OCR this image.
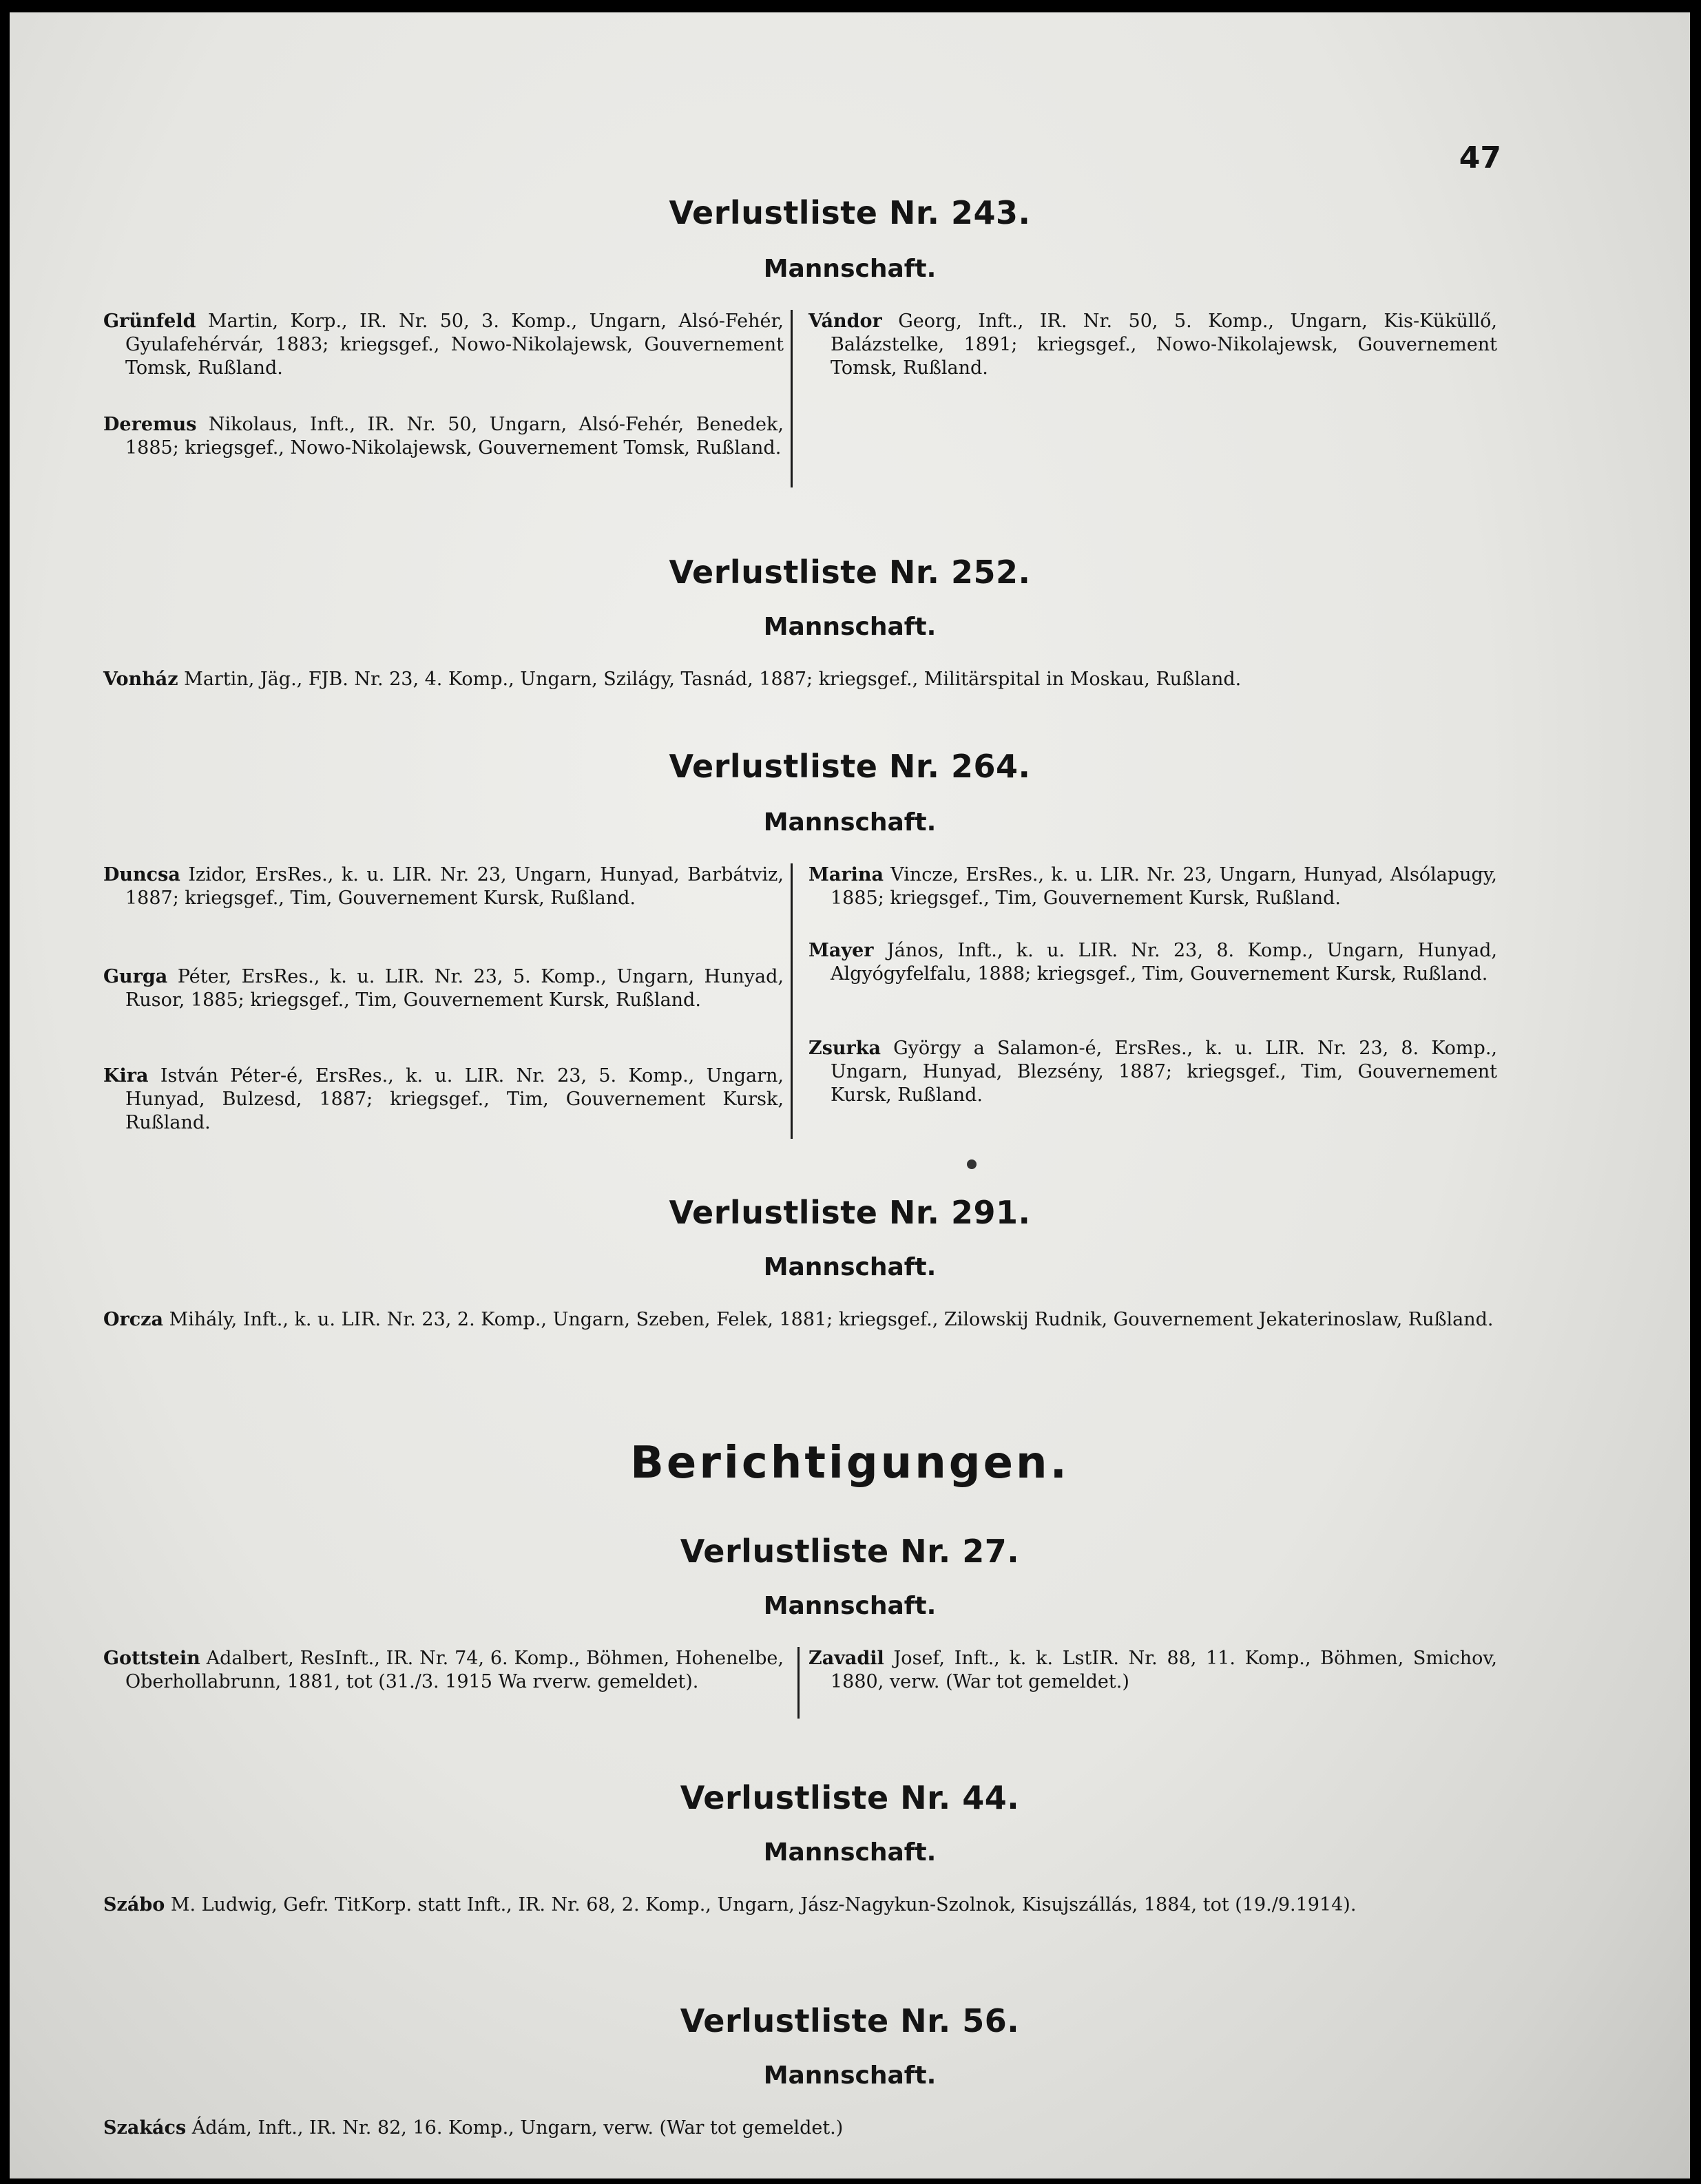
47
Verlustliste Nr. 243.
Mannschaft.
Grünfeld Martin, Korp., IR. Nr. 50, 3. Komp., Ungarn, Alsó-Fehér, Gyulafehérvár, 1883; kriegsgef., Nowo-Nikolajewsk, Gouvernement Tomsk, Rußland.
Deremus Nikolaus, Inft., IR. Nr. 50, Ungarn, Alsó-Fehér, Benedek, 1885; kriegsgef., Nowo-Nikolajewsk, Gouvernement Tomsk, Rußland.
Vándor Georg, Inft., IR. Nr. 50, 5. Komp., Ungarn, Kis-Küküllő, Balázstelke, 1891; kriegsgef., Nowo-Nikolajewsk, Gouvernement Tomsk, Rußland.
Verlustliste Nr. 252.
Mannschaft.
Vonház Martin, Jäg., FJB. Nr. 23, 4. Komp., Ungarn, Szilágy, Tasnád, 1887; kriegsgef., Militärspital in Moskau, Rußland.
Verlustliste Nr. 264.
Mannschaft.
Duncsa Izidor, ErsRes., k. u. LIR. Nr. 23, Ungarn, Hunyad, Barbátviz, 1887; kriegsgef., Tim, Gouvernement Kursk, Rußland.
Gurga Péter, ErsRes., k. u. LIR. Nr. 23, 5. Komp., Ungarn, Hunyad, Rusor, 1885; kriegsgef., Tim, Gouvernement Kursk, Rußland.
Kira István Péter-é, ErsRes., k. u. LIR. Nr. 23, 5. Komp., Ungarn, Hunyad, Bulzesd, 1887; kriegsgef., Tim, Gouvernement Kursk, Rußland.
Marina Vincze, ErsRes., k. u. LIR. Nr. 23, Ungarn, Hunyad, Alsólapugy, 1885; kriegsgef., Tim, Gouvernement Kursk, Rußland.
Mayer János, Inft., k. u. LIR. Nr. 23, 8. Komp., Ungarn, Hunyad, Algyógyfelfalu, 1888; kriegsgef., Tim, Gouvernement Kursk, Rußland.
Zsurka György a Salamon-é, ErsRes., k. u. LIR. Nr. 23, 8. Komp., Ungarn, Hunyad, Blezsény, 1887; kriegsgef., Tim, Gouvernement Kursk, Rußland.
Verlustliste Nr. 291.
Mannschaft.
Orcza Mihály, Inft., k. u. LIR. Nr. 23, 2. Komp., Ungarn, Szeben, Felek, 1881; kriegsgef., Zilowskij Rudnik, Gouvernement Jekaterinoslaw, Rußland.
Berichtigungen.
Verlustliste Nr. 27.
Mannschaft.
Gottstein Adalbert, ResInft., IR. Nr. 74, 6. Komp., Böhmen, Hohenelbe, Oberhollabrunn, 1881, tot (31./3. 1915 Wa rverw. gemeldet).
Zavadil Josef, Inft., k. k. LstIR. Nr. 88, 11. Komp., Böhmen, Smichov, 1880, verw. (War tot gemeldet.)
Verlustliste Nr. 44.
Mannschaft.
Szábo M. Ludwig, Gefr. TitKorp. statt Inft., IR. Nr. 68, 2. Komp., Ungarn, Jász-Nagykun-Szolnok, Kisujszállás, 1884, tot (19./9.1914).
Verlustliste Nr. 56.
Mannschaft.
Szakács Ádám, Inft., IR. Nr. 82, 16. Komp., Ungarn, verw. (War tot gemeldet.)
